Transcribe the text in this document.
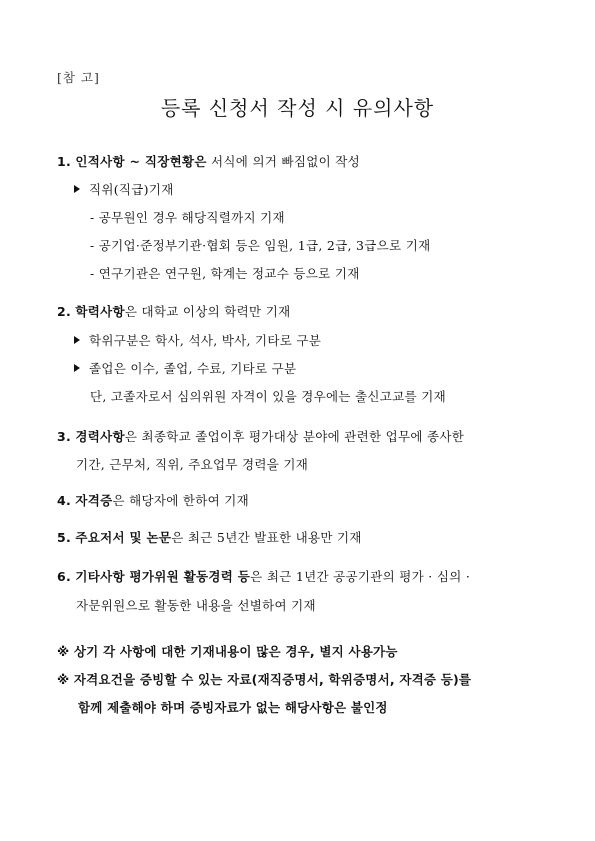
[참 고]
등록 신청서 작성 시 유의사항
1. 인적사항 ~ 직장현황은 서식에 의거 빠짐없이 작성
직위(직급)기재
- 공무원인 경우 해당직렬까지 기재
- 공기업·준정부기관·협회 등은 임원, 1급, 2급, 3급으로 기재
- 연구기관은 연구원, 학계는 정교수 등으로 기재
2. 학력사항은 대학교 이상의 학력만 기재
학위구분은 학사, 석사, 박사, 기타로 구분
졸업은 이수, 졸업, 수료, 기타로 구분
단, 고졸자로서 심의위원 자격이 있을 경우에는 출신고교를 기재
3. 경력사항은 최종학교 졸업이후 평가대상 분야에 관련한 업무에 종사한
기간, 근무처, 직위, 주요업무 경력을 기재
4. 자격증은 해당자에 한하여 기재
5. 주요저서 및 논문은 최근 5년간 발표한 내용만 기재
6. 기타사항 평가위원 활동경력 등은 최근 1년간 공공기관의 평가 · 심의 ·
자문위원으로 활동한 내용을 선별하여 기재
※ 상기 각 사항에 대한 기재내용이 많은 경우, 별지 사용가능
※ 자격요건을 증빙할 수 있는 자료(재직증명서, 학위증명서, 자격증 등)를
함께 제출해야 하며 증빙자료가 없는 해당사항은 불인정
